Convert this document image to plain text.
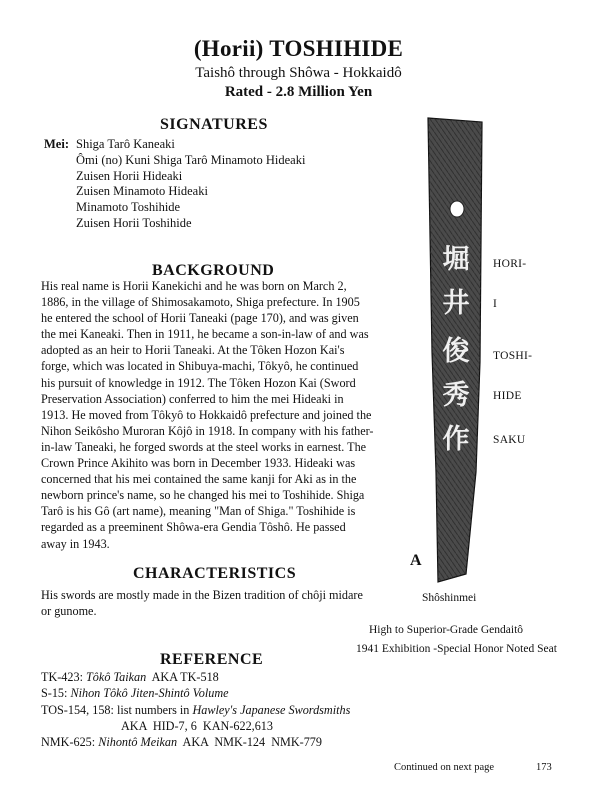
(Horii) TOSHIHIDE
Taishô through Shôwa - Hokkaidô
Rated - 2.8 Million Yen
SIGNATURES
Mei: Shiga Tarô Kaneaki
Ômi (no) Kuni Shiga Tarô Minamoto Hideaki
Zuisen Horii Hideaki
Zuisen Minamoto Hideaki
Minamoto Toshihide
Zuisen Horii Toshihide
BACKGROUND
His real name is Horii Kanekichi and he was born on March 2,
1886, in the village of Shimosakamoto, Shiga prefecture. In 1905
he entered the school of Horii Taneaki (page 170), and was given
the mei Kaneaki. Then in 1911, he became a son-in-law of and was
adopted as an heir to Horii Taneaki. At the Tôken Hozon Kai's
forge, which was located in Shibuya-machi, Tôkyô, he continued
his pursuit of knowledge in 1912. The Tôken Hozon Kai (Sword
Preservation Association) conferred to him the mei Hideaki in
1913. He moved from Tôkyô to Hokkaidô prefecture and joined the
Nihon Seikôsho Muroran Kôjô in 1918. In company with his father-
in-law Taneaki, he forged swords at the steel works in earnest. The
Crown Prince Akihito was born in December 1933. Hideaki was
concerned that his mei contained the same kanji for Aki as in the
newborn prince's name, so he changed his mei to Toshihide. Shiga
Tarô is his Gô (art name), meaning "Man of Shiga." Toshihide is
regarded as a preeminent Shôwa-era Gendia Tôshô. He passed
away in 1943.
CHARACTERISTICS
His swords are mostly made in the Bizen tradition of chôji midare
or gunome.
REFERENCE
TK-423: Tôkô Taikan AKA TK-518
S-15: Nihon Tôkô Jiten-Shintô Volume
TOS-154, 158: list numbers in Hawley's Japanese Swordsmiths
AKA  HID-7, 6  KAN-622,613
NMK-625: Nihontô Meikan AKA  NMK-124  NMK-779
堀
井
俊
秀
作
HORI-
I
TOSHI-
HIDE
SAKU
A
Shôshinmei
High to Superior-Grade Gendaitô
1941 Exhibition -Special Honor Noted Seat
Continued on next page	173
